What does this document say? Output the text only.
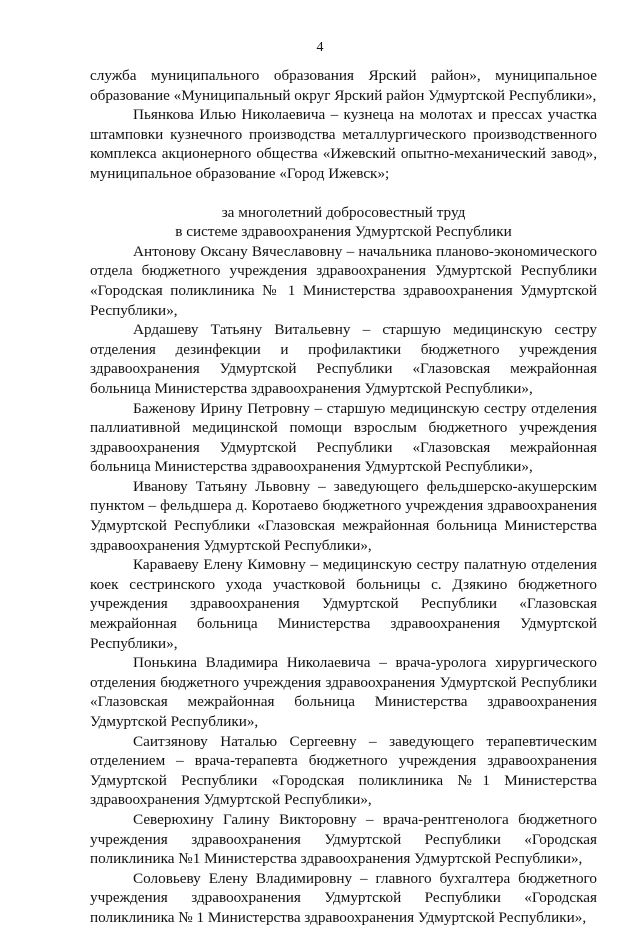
4

служба муниципального образования Ярский район», муниципальное образование «Муниципальный округ Ярский район Удмуртской Республики»,

Пьянкова Илью Николаевича – кузнеца на молотах и прессах участка штамповки кузнечного производства металлургического производственного комплекса акционерного общества «Ижевский опытно-механический завод», муниципальное образование «Город Ижевск»;

за многолетний добросовестный труд

в системе здравоохранения Удмуртской Республики

Антонову Оксану Вячеславовну – начальника планово-экономического отдела бюджетного учреждения здравоохранения Удмуртской Республики «Городская поликлиника № 1 Министерства здравоохранения Удмуртской Республики»,

Ардашеву Татьяну Витальевну – старшую медицинскую сестру отделения дезинфекции и профилактики бюджетного учреждения здравоохранения Удмуртской Республики «Глазовская межрайонная больница Министерства здравоохранения Удмуртской Республики»,

Баженову Ирину Петровну – старшую медицинскую сестру отделения паллиативной медицинской помощи взрослым бюджетного учреждения здравоохранения Удмуртской Республики «Глазовская межрайонная больница Министерства здравоохранения Удмуртской Республики»,

Иванову Татьяну Львовну – заведующего фельдшерско-акушерским пунктом – фельдшера д. Коротаево бюджетного учреждения здравоохранения Удмуртской Республики «Глазовская межрайонная больница Министерства здравоохранения Удмуртской Республики»,

Караваеву Елену Кимовну – медицинскую сестру палатную отделения коек сестринского ухода участковой больницы с. Дзякино бюджетного учреждения здравоохранения Удмуртской Республики «Глазовская межрайонная больница Министерства здравоохранения Удмуртской Республики»,

Понькина Владимира Николаевича – врача-уролога хирургического отделения бюджетного учреждения здравоохранения Удмуртской Республики «Глазовская межрайонная больница Министерства здравоохранения Удмуртской Республики»,

Саитзянову Наталью Сергеевну – заведующего терапевтическим отделением – врача-терапевта бюджетного учреждения здравоохранения Удмуртской Республики «Городская поликлиника №1 Министерства здравоохранения Удмуртской Республики»,

Северюхину Галину Викторовну – врача-рентгенолога бюджетного учреждения здравоохранения Удмуртской Республики «Городская поликлиника №1 Министерства здравоохранения Удмуртской Республики»,

Соловьеву Елену Владимировну – главного бухгалтера бюджетного учреждения здравоохранения Удмуртской Республики «Городская поликлиника № 1 Министерства здравоохранения Удмуртской Республики»,
